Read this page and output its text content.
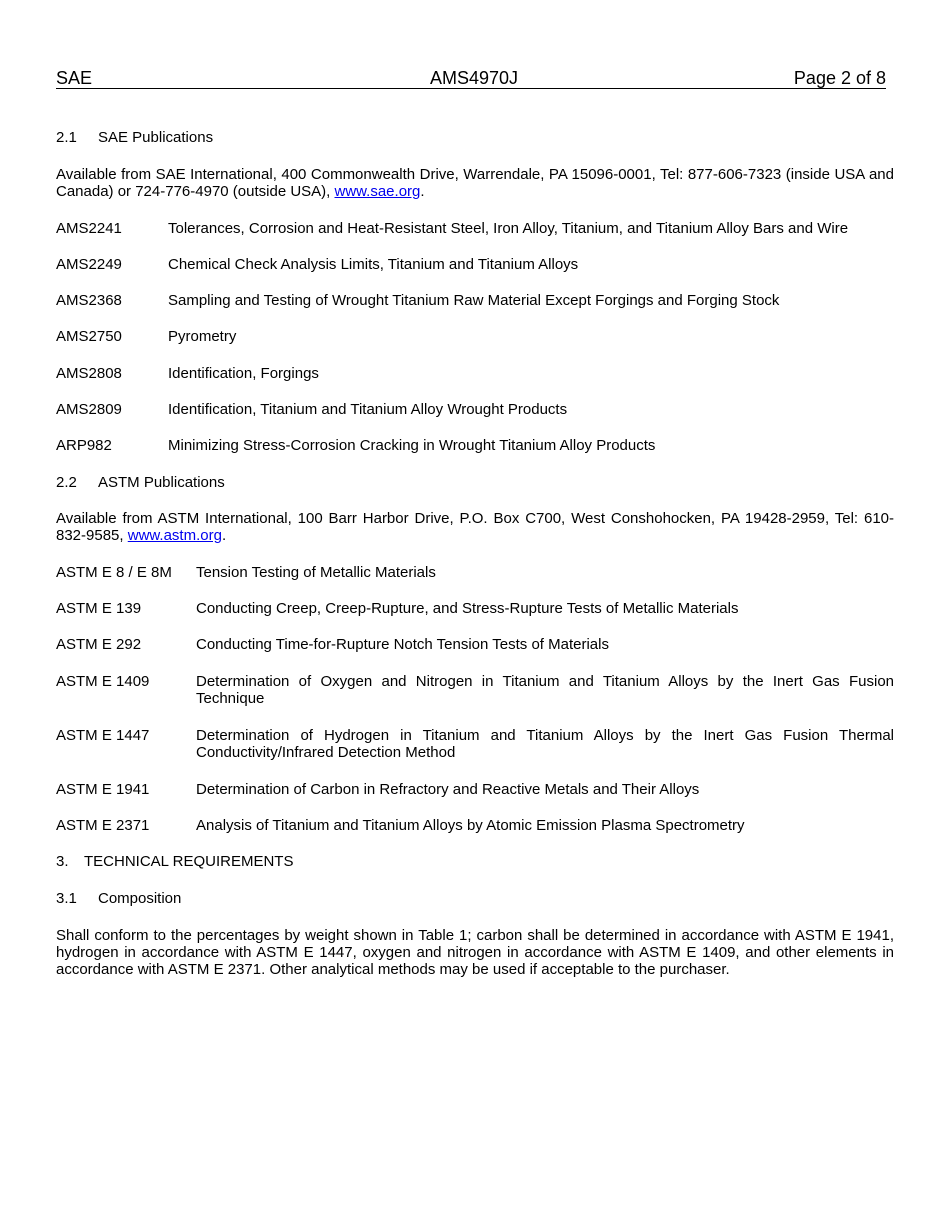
SAE	AMS4970J	Page 2 of 8
2.1 SAE Publications
Available from SAE International, 400 Commonwealth Drive, Warrendale, PA 15096-0001, Tel: 877-606-7323 (inside USA and Canada) or 724-776-4970 (outside USA), www.sae.org.
AMS2241	Tolerances, Corrosion and Heat-Resistant Steel, Iron Alloy, Titanium, and Titanium Alloy Bars and Wire
AMS2249	Chemical Check Analysis Limits, Titanium and Titanium Alloys
AMS2368	Sampling and Testing of Wrought Titanium Raw Material Except Forgings and Forging Stock
AMS2750	Pyrometry
AMS2808	Identification, Forgings
AMS2809	Identification, Titanium and Titanium Alloy Wrought Products
ARP982	Minimizing Stress-Corrosion Cracking in Wrought Titanium Alloy Products
2.2 ASTM Publications
Available from ASTM International, 100 Barr Harbor Drive, P.O. Box C700, West Conshohocken, PA 19428-2959, Tel: 610-832-9585, www.astm.org.
ASTM E 8 / E 8M Tension Testing of Metallic Materials
ASTM E 139	Conducting Creep, Creep-Rupture, and Stress-Rupture Tests of Metallic Materials
ASTM E 292	Conducting Time-for-Rupture Notch Tension Tests of Materials
ASTM E 1409	Determination of Oxygen and Nitrogen in Titanium and Titanium Alloys by the Inert Gas Fusion Technique
ASTM E 1447	Determination of Hydrogen in Titanium and Titanium Alloys by the Inert Gas Fusion Thermal Conductivity/Infrared Detection Method
ASTM E 1941	Determination of Carbon in Refractory and Reactive Metals and Their Alloys
ASTM E 2371	Analysis of Titanium and Titanium Alloys by Atomic Emission Plasma Spectrometry
3. TECHNICAL REQUIREMENTS
3.1 Composition
Shall conform to the percentages by weight shown in Table 1; carbon shall be determined in accordance with ASTM E 1941, hydrogen in accordance with ASTM E 1447, oxygen and nitrogen in accordance with ASTM E 1409, and other elements in accordance with ASTM E 2371. Other analytical methods may be used if acceptable to the purchaser.
